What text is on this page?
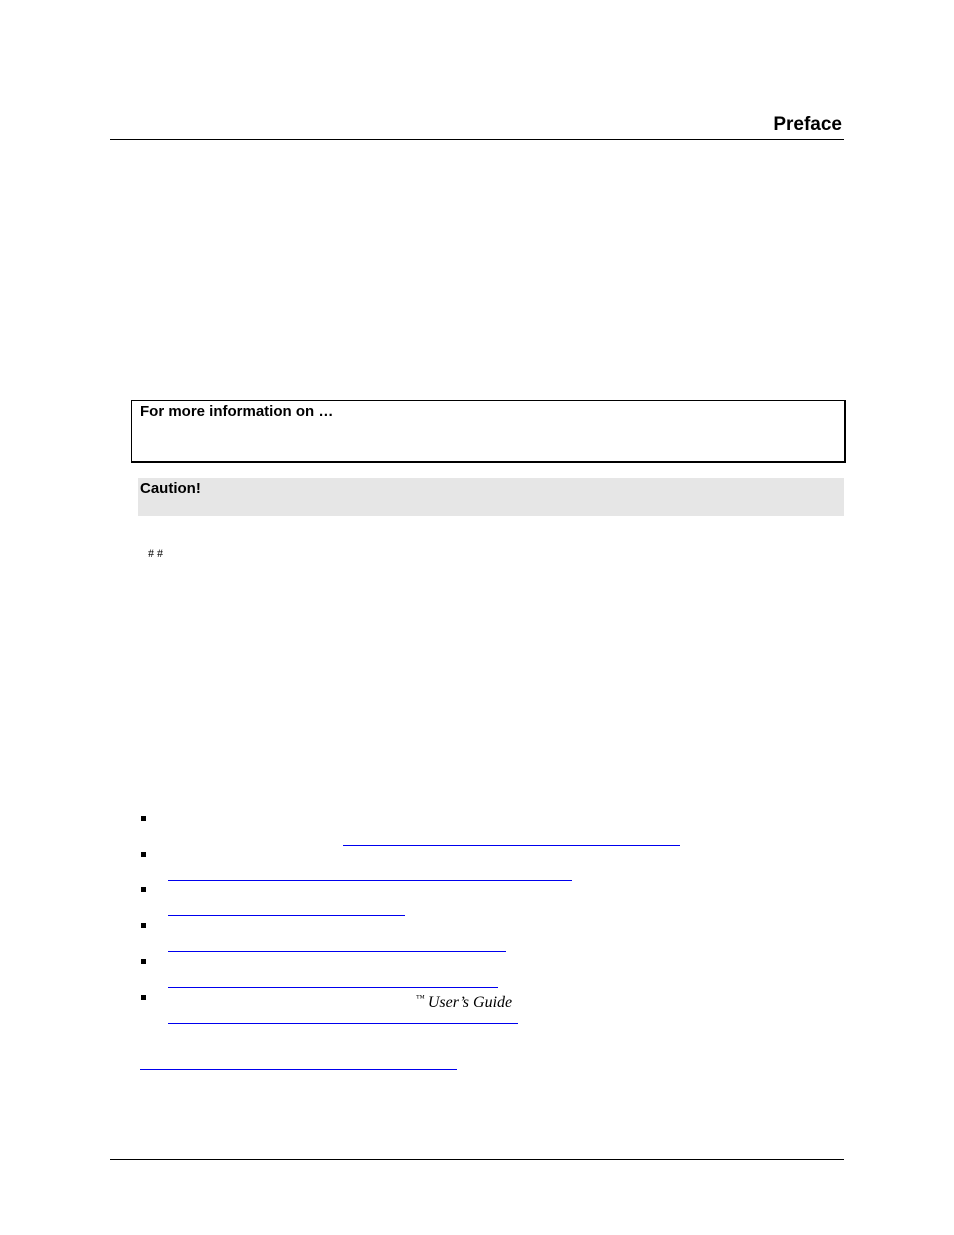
Preface
For more information on …
Caution!
# #
™ User’s Guide
